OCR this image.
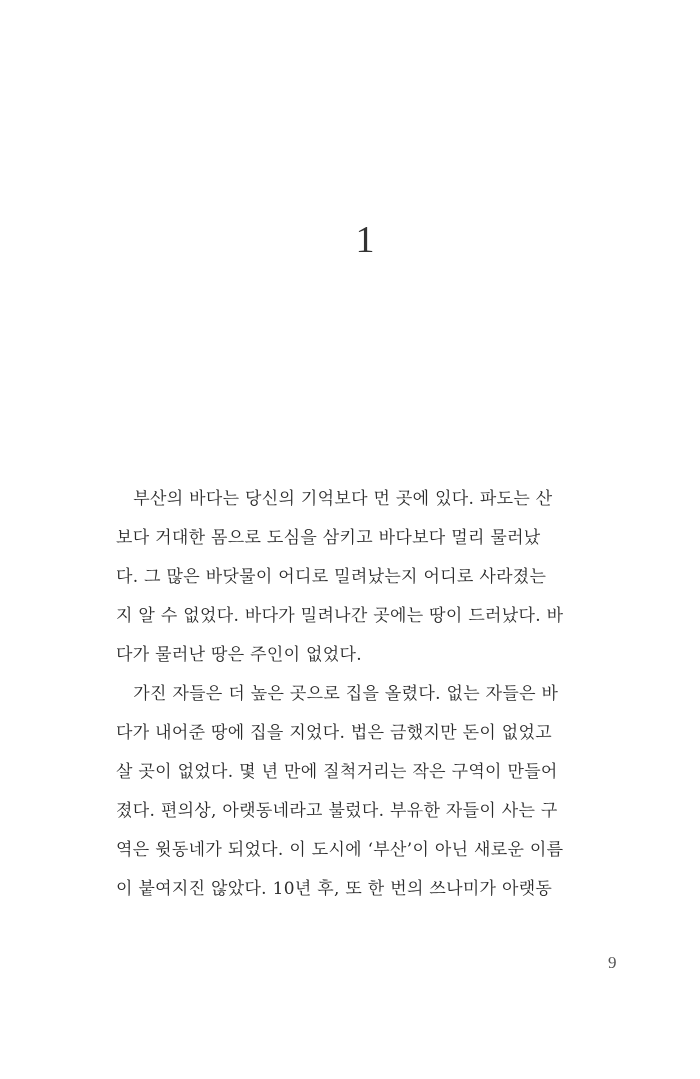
1
　부산의 바다는 당신의 기억보다 먼 곳에 있다. 파도는 산
보다 거대한 몸으로 도심을 삼키고 바다보다 멀리 물러났
다. 그 많은 바닷물이 어디로 밀려났는지 어디로 사라졌는
지 알 수 없었다. 바다가 밀려나간 곳에는 땅이 드러났다. 바
다가 물러난 땅은 주인이 없었다.
　가진 자들은 더 높은 곳으로 집을 올렸다. 없는 자들은 바
다가 내어준 땅에 집을 지었다. 법은 금했지만 돈이 없었고
살 곳이 없었다. 몇 년 만에 질척거리는 작은 구역이 만들어
졌다. 편의상, 아랫동네라고 불렀다. 부유한 자들이 사는 구
역은 윗동네가 되었다. 이 도시에 ‘부산’이 아닌 새로운 이름
이 붙여지진 않았다. 10년 후, 또 한 번의 쓰나미가 아랫동
9
